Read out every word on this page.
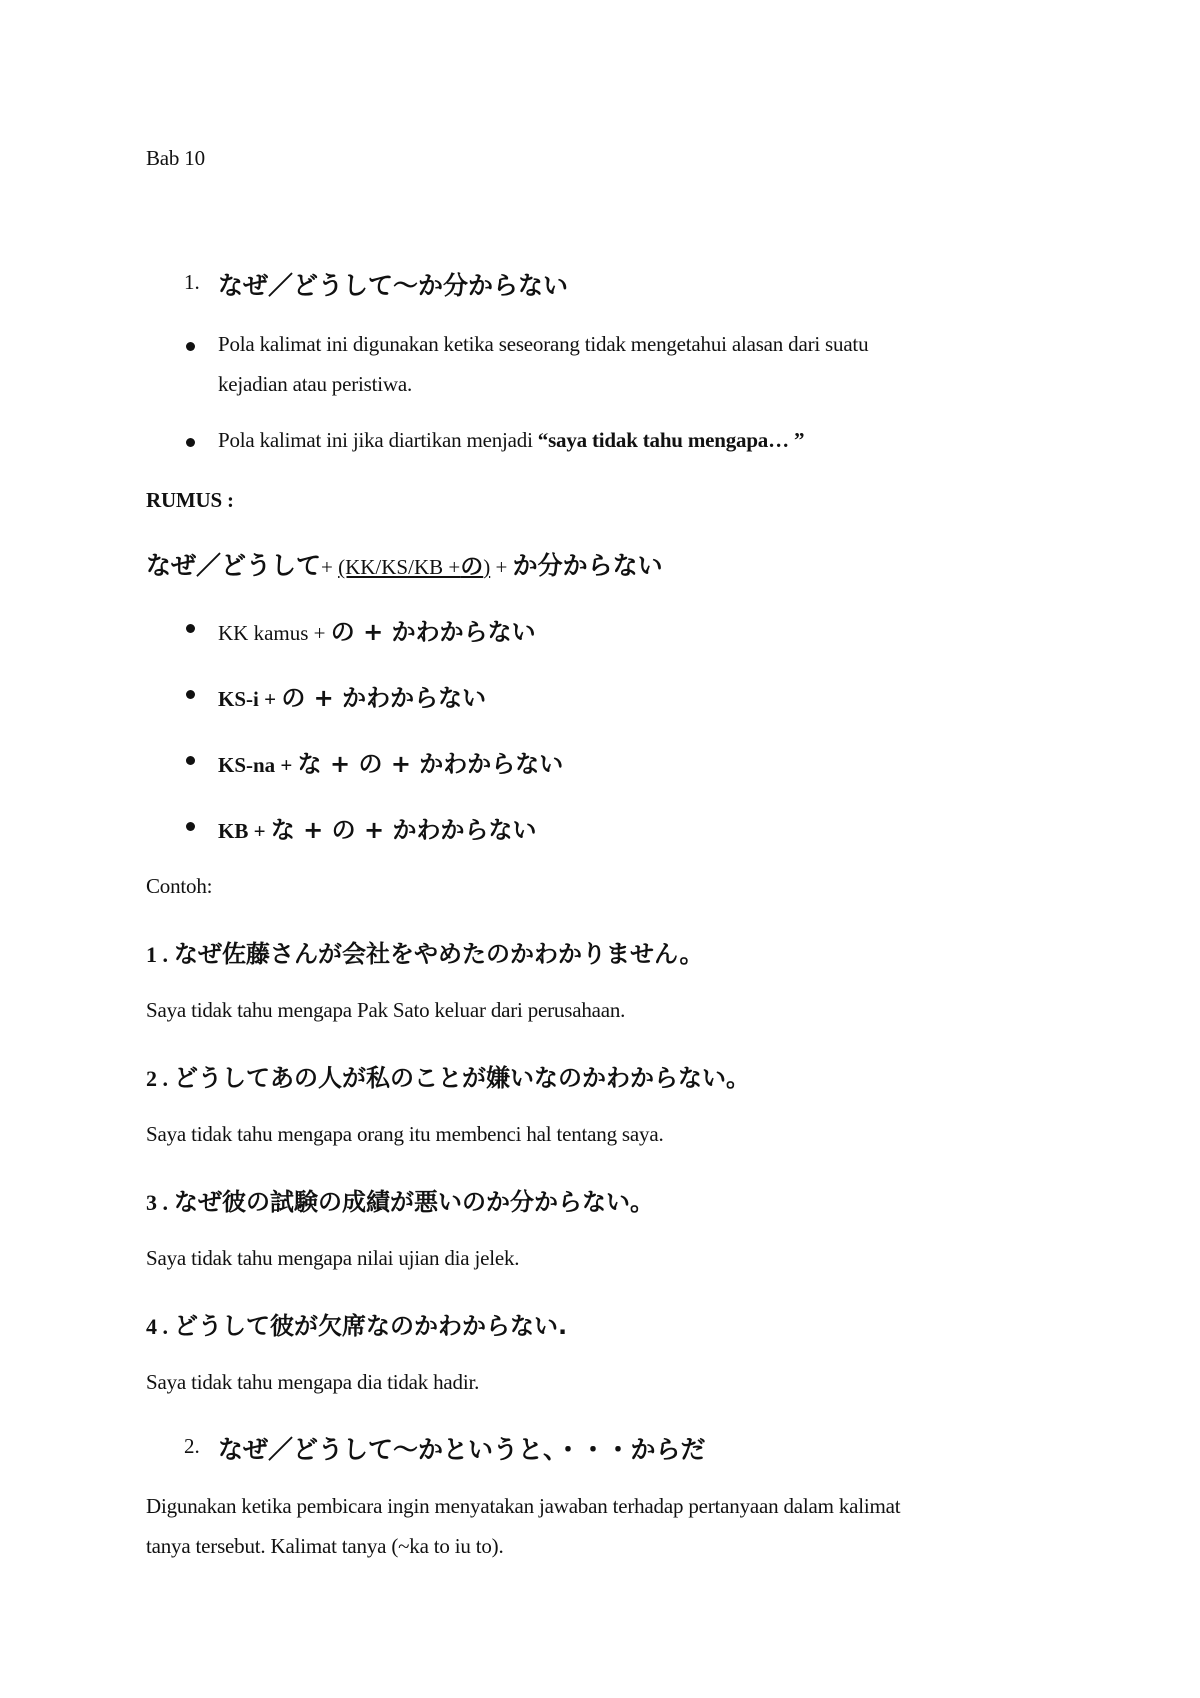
Bab 10
1. なぜ／どうして～か分からない
Pola kalimat ini digunakan ketika seseorang tidak mengetahui alasan dari suatu
kejadian atau peristiwa.
Pola kalimat ini jika diartikan menjadi “saya tidak tahu mengapa… ”
RUMUS :
なぜ／どうして+ (KK/KS/KB +の) + か分からない
KK kamus + の + かわからない
KS-i + の + かわからない
KS-na + な + の + かわからない
KB + な + の + かわからない
Contoh:
1 . なぜ佐藤さんが会社をやめたのかわかりません。
Saya tidak tahu mengapa Pak Sato keluar dari perusahaan.
2 . どうしてあの人が私のことが嫌いなのかわからない。
Saya tidak tahu mengapa orang itu membenci hal tentang saya.
3 . なぜ彼の試験の成績が悪いのか分からない。
Saya tidak tahu mengapa nilai ujian dia jelek.
4 . どうして彼が欠席なのかわからない.
Saya tidak tahu mengapa dia tidak hadir.
2. なぜ／どうして～かというと、・・・からだ
Digunakan ketika pembicara ingin menyatakan jawaban terhadap pertanyaan dalam kalimat
tanya tersebut. Kalimat tanya (~ka to iu to).
